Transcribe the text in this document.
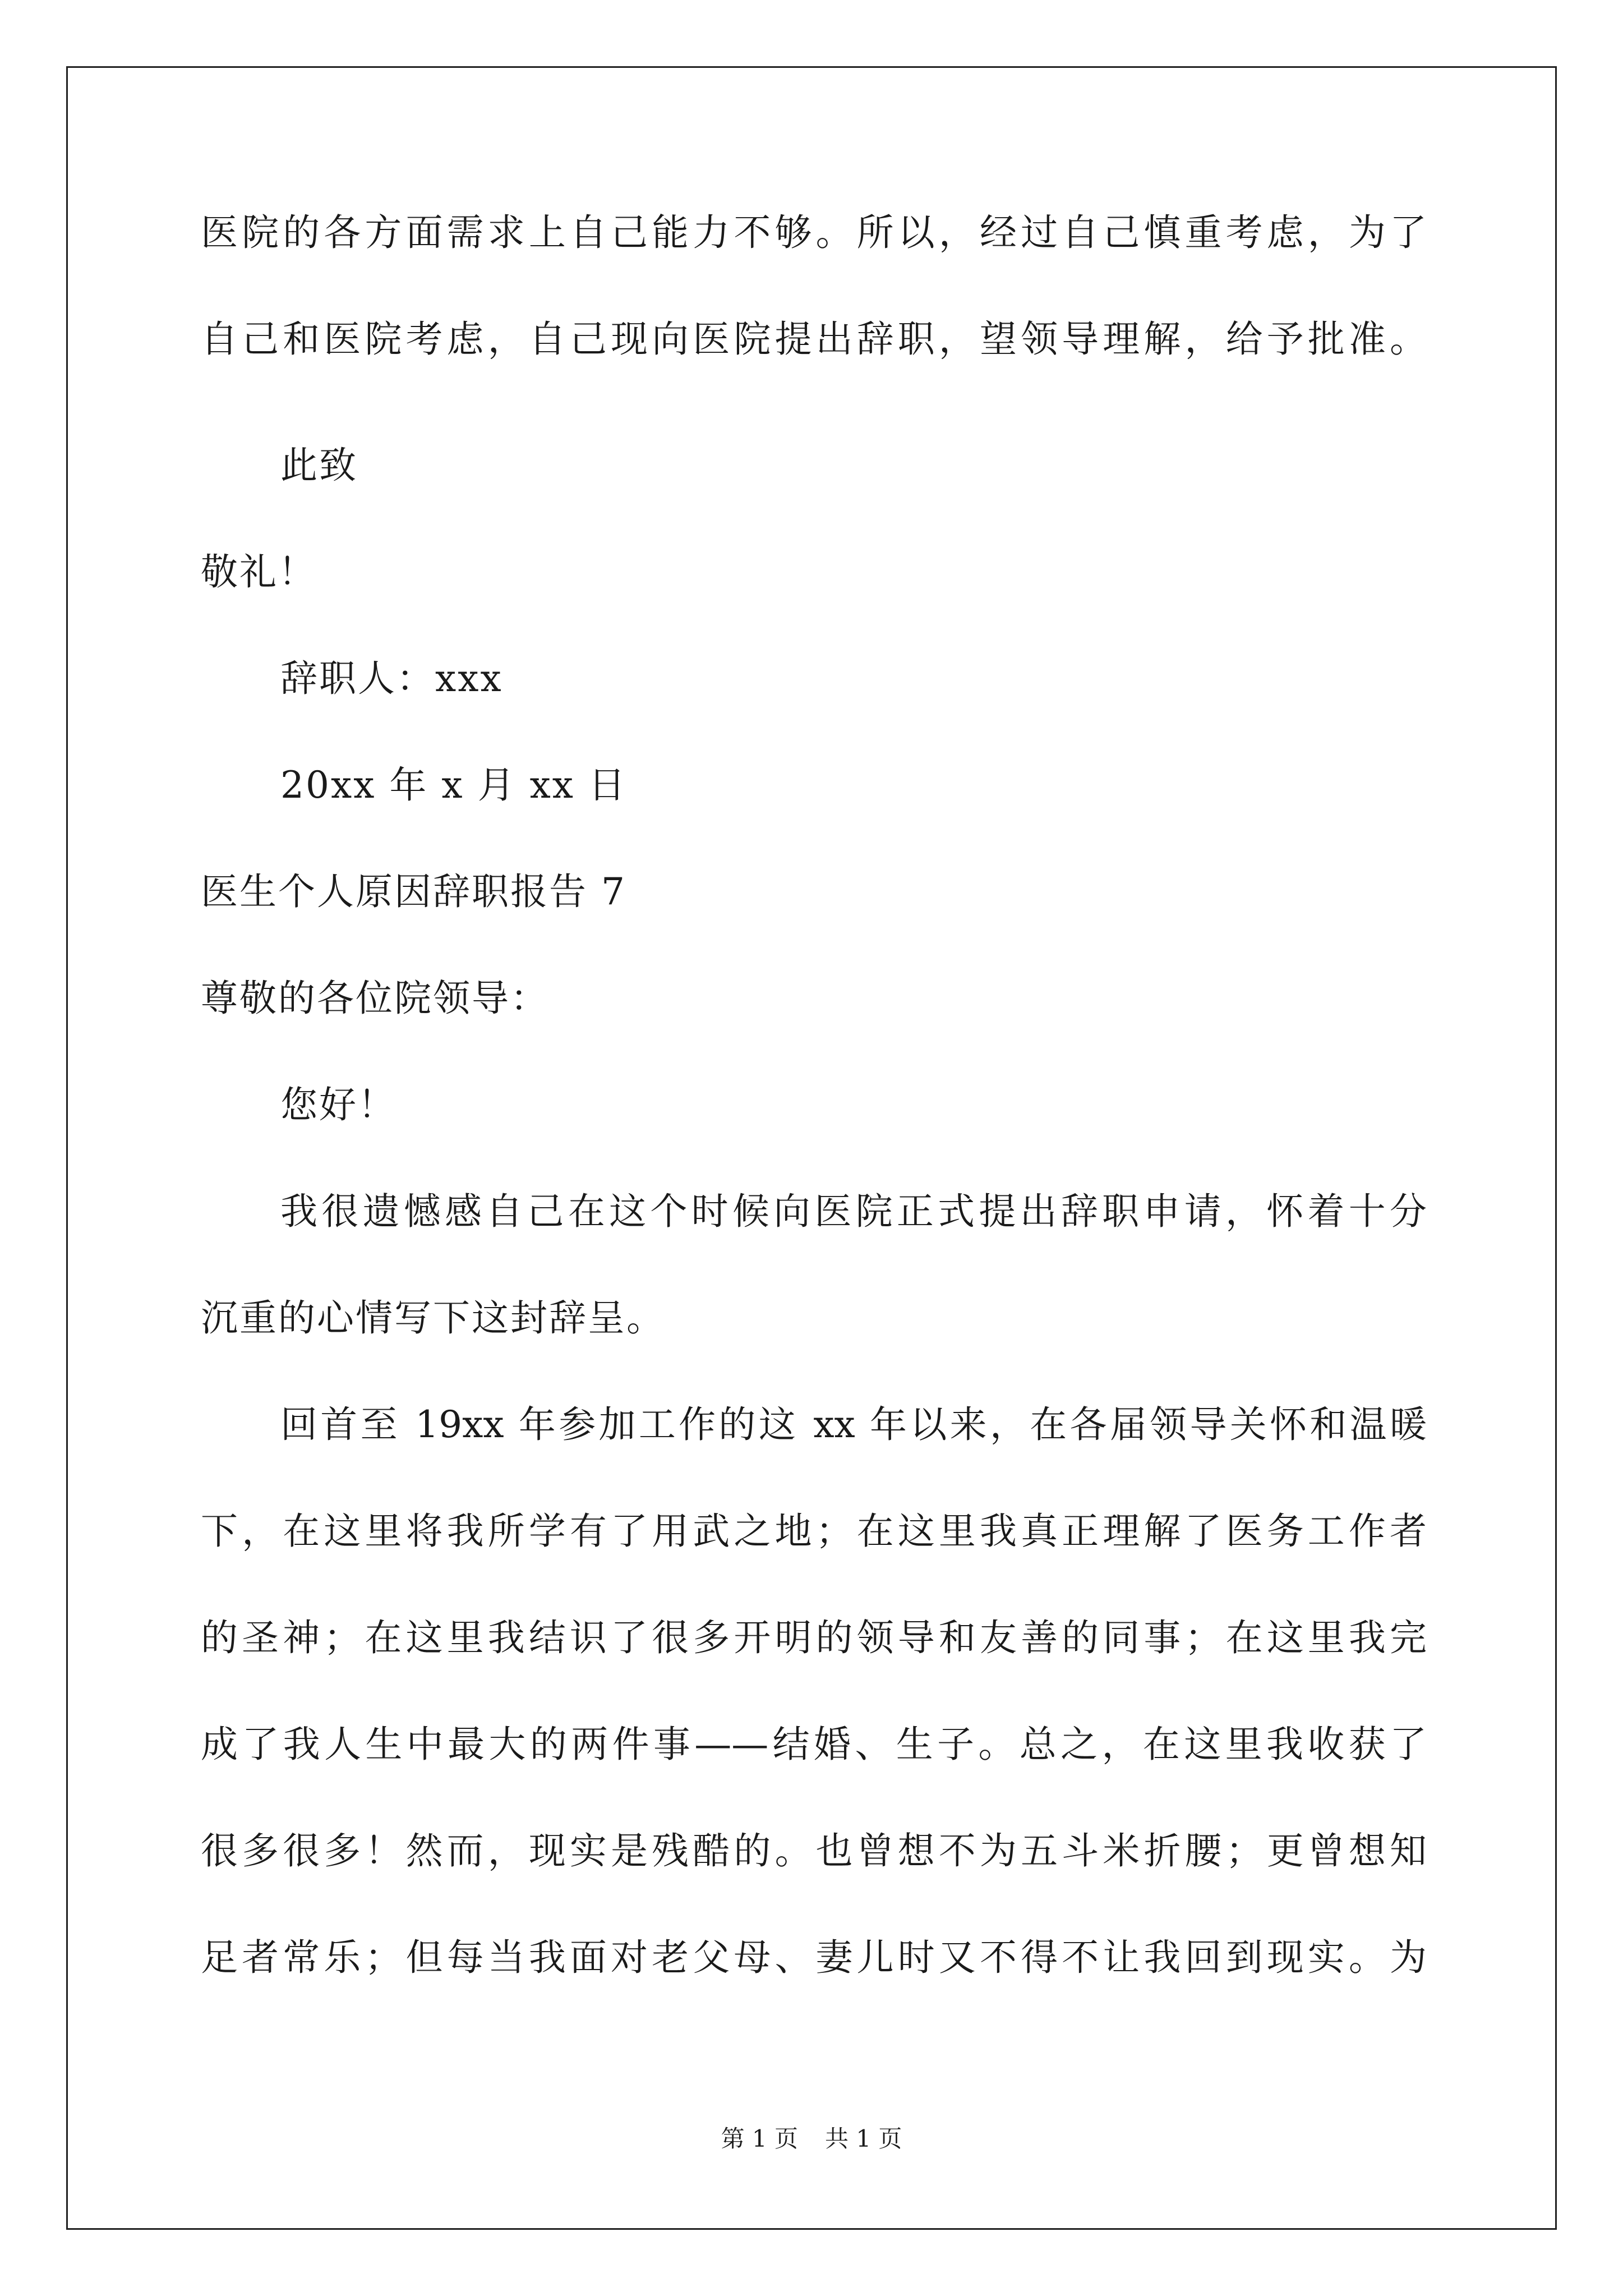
医院的各方面需求上自己能力不够。所以，经过自己慎重考虑，为了
自己和医院考虑，自己现向医院提出辞职，望领导理解，给予批准。
此致
敬礼！
辞职人：xxx
20xx 年 x 月 xx 日
医生个人原因辞职报告 7
尊敬的各位院领导：
您好！
我很遗憾感自己在这个时候向医院正式提出辞职申请，怀着十分
沉重的心情写下这封辞呈。
回首至 19xx 年参加工作的这 xx 年以来，在各届领导关怀和温暖
下，在这里将我所学有了用武之地；在这里我真正理解了医务工作者
的圣神；在这里我结识了很多开明的领导和友善的同事；在这里我完
成了我人生中最大的两件事——结婚、生子。总之，在这里我收获了
很多很多！然而，现实是残酷的。也曾想不为五斗米折腰；更曾想知
足者常乐；但每当我面对老父母、妻儿时又不得不让我回到现实。为
第 1 页 共 1 页
